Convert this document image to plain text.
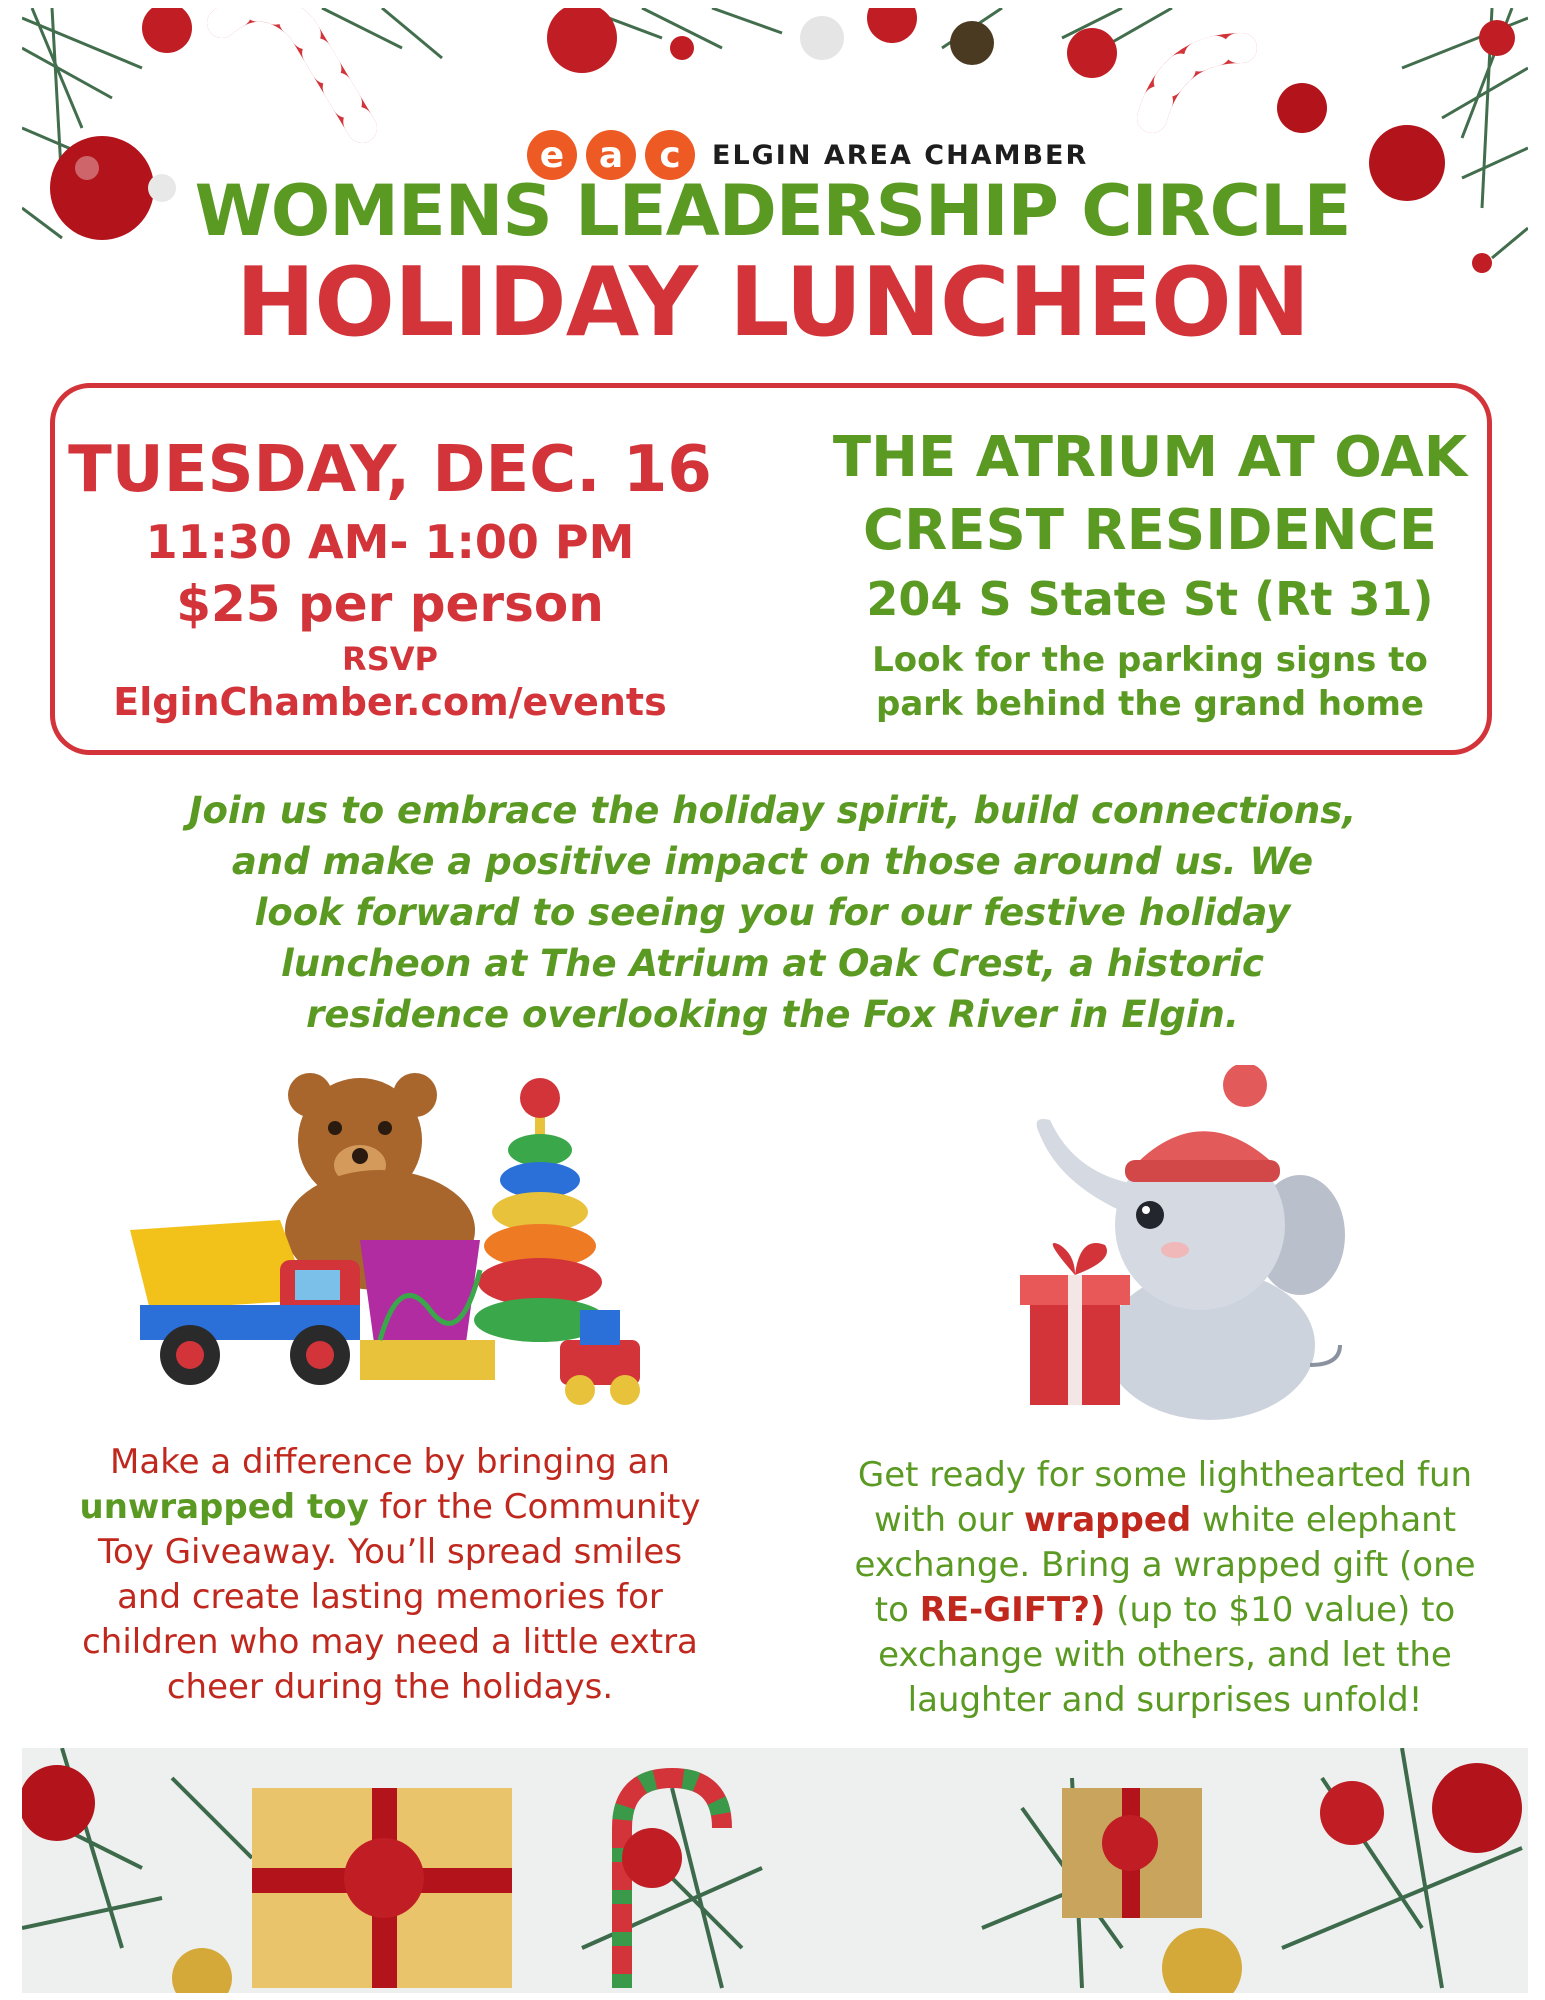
e a c ELGIN AREA CHAMBER
WOMENS LEADERSHIP CIRCLE
HOLIDAY LUNCHEON
TUESDAY, DEC. 16
11:30 AM- 1:00 PM
$25 per person
RSVP
ElginChamber.com/events
THE ATRIUM AT OAK
CREST RESIDENCE
204 S State St (Rt 31)
Look for the parking signs to
park behind the grand home
Join us to embrace the holiday spirit, build connections,
and make a positive impact on those around us. We
look forward to seeing you for our festive holiday
luncheon at The Atrium at Oak Crest, a historic
residence overlooking the Fox River in Elgin.
Make a difference by bringing an
unwrapped toy for the Community
Toy Giveaway. You’ll spread smiles
and create lasting memories for
children who may need a little extra
cheer during the holidays.
Get ready for some lighthearted fun
with our wrapped white elephant
exchange. Bring a wrapped gift (one
to RE-GIFT?) (up to $10 value) to
exchange with others, and let the
laughter and surprises unfold!
